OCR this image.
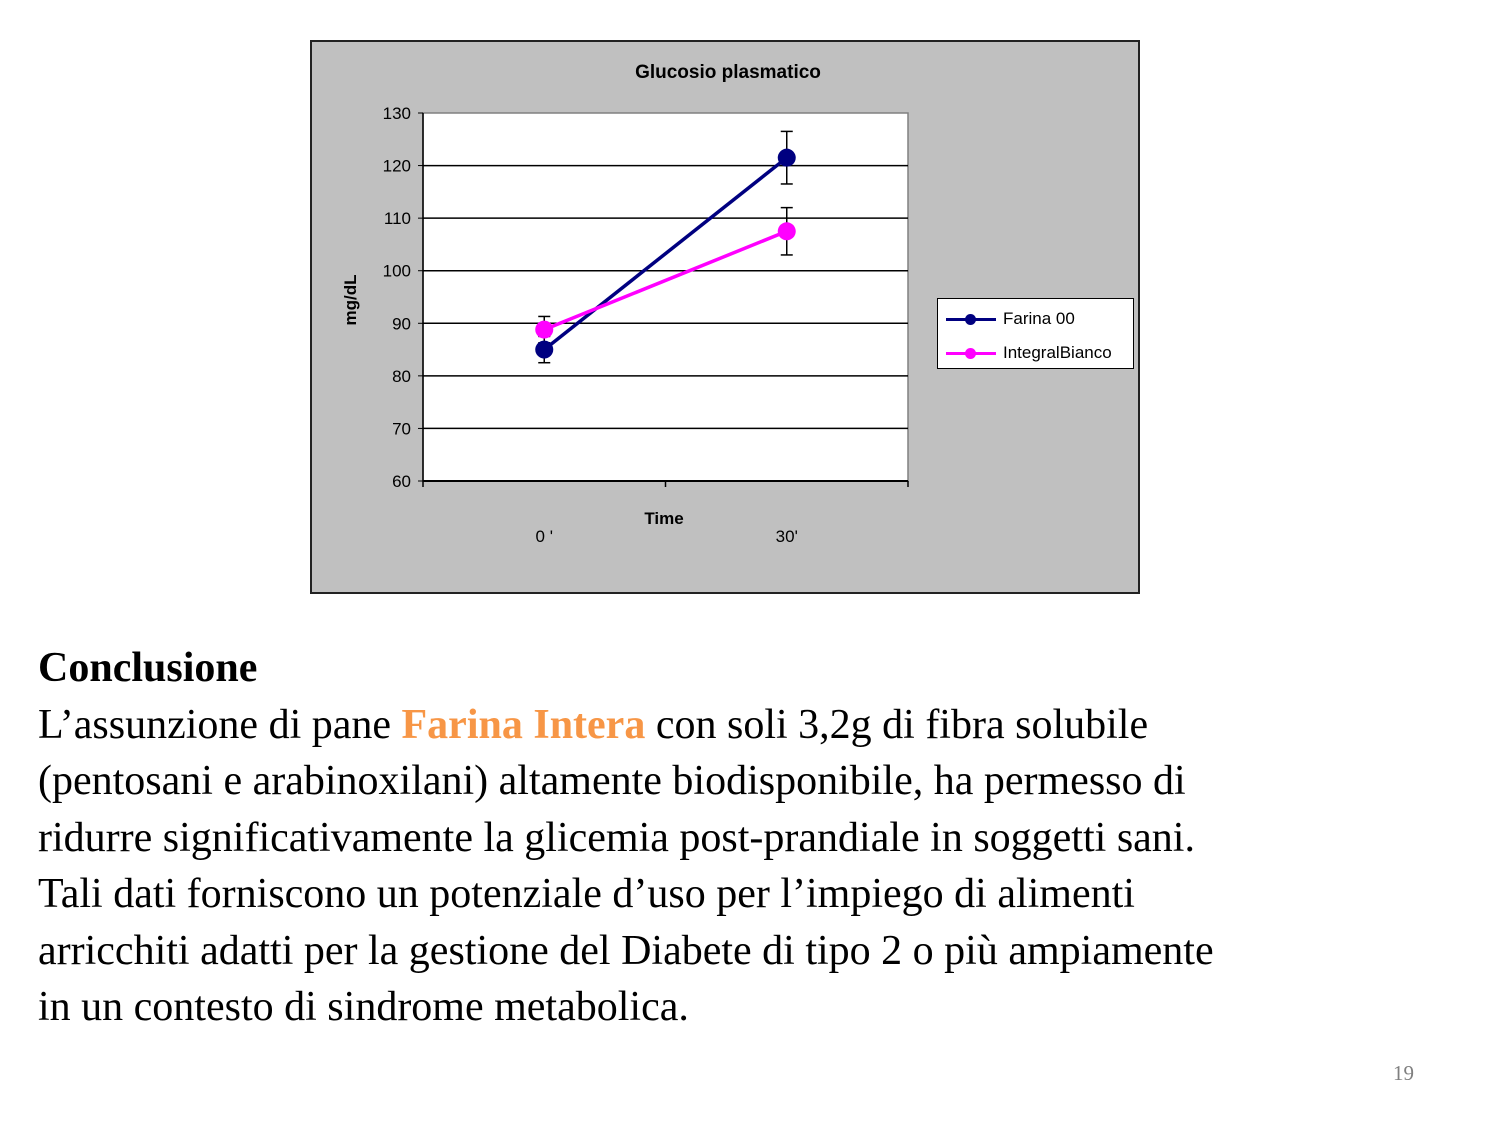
Glucosio plasmatico
mg/dL
Time
60
70
80
90
100
110
120
130
0 '	30'
Farina 00
IntegralBianco
Conclusione
L’assunzione di pane Farina Intera con soli 3,2g di fibra solubile
(pentosani e arabinoxilani) altamente biodisponibile, ha permesso di
ridurre significativamente la glicemia post-prandiale in soggetti sani.
Tali dati forniscono un potenziale d’uso per l’impiego di alimenti
arricchiti adatti per la gestione del Diabete di tipo 2 o più ampiamente
in un contesto di sindrome metabolica.
19
